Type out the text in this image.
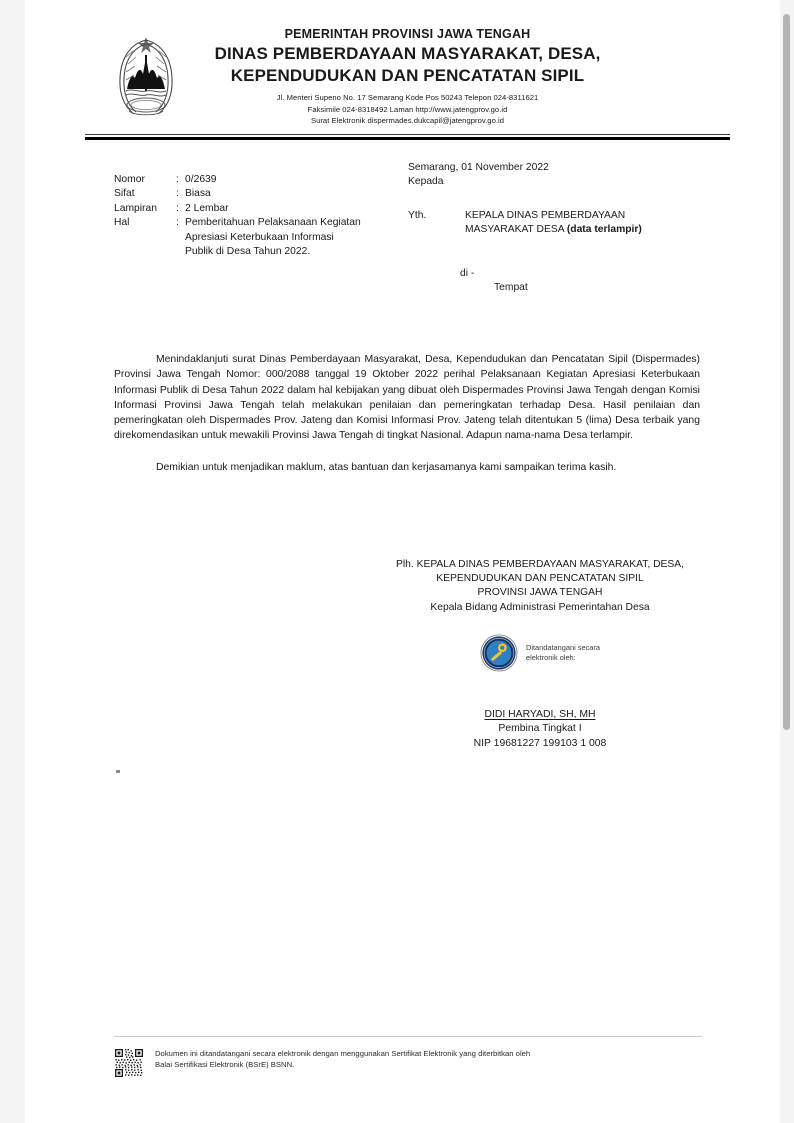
PEMERINTAH PROVINSI JAWA TENGAH
DINAS PEMBERDAYAAN MASYARAKAT, DESA,
KEPENDUDUKAN DAN PENCATATAN SIPIL
Jl. Menteri Supeno No. 17 Semarang Kode Pos 50243 Telepon 024-8311621
Faksimile 024-8318492 Laman http://www.jatengprov.go.id
Surat Elektronik dispermades.dukcapil@jatengprov.go.id
Nomor	: 0/2639
Sifat	: Biasa
Lampiran	: 2 Lembar
Hal	: Pemberitahuan Pelaksanaan Kegiatan
Apresiasi Keterbukaan Informasi
Publik di Desa Tahun 2022.
Semarang, 01 November 2022
Kepada
Yth.	KEPALA DINAS PEMBERDAYAAN
MASYARAKAT DESA (data terlampir)
di -
Tempat

Menindaklanjuti surat Dinas Pemberdayaan Masyarakat, Desa, Kependudukan dan Pencatatan Sipil (Dispermades) Provinsi Jawa Tengah Nomor: 000/2088 tanggal 19 Oktober 2022 perihal Pelaksanaan Kegiatan Apresiasi Keterbukaan Informasi Publik di Desa Tahun 2022 dalam hal kebijakan yang dibuat oleh Dispermades Provinsi Jawa Tengah dengan Komisi Informasi Provinsi Jawa Tengah telah melakukan penilaian dan pemeringkatan terhadap Desa. Hasil penilaian dan pemeringkatan oleh Dispermades Prov. Jateng dan Komisi Informasi Prov. Jateng telah ditentukan 5 (lima) Desa terbaik yang direkomendasikan untuk mewakili Provinsi Jawa Tengah di tingkat Nasional. Adapun nama-nama Desa terlampir.

Demikian untuk menjadikan maklum, atas bantuan dan kerjasamanya kami sampaikan terima kasih.

Plh. KEPALA DINAS PEMBERDAYAAN MASYARAKAT, DESA,
KEPENDUDUKAN DAN PENCATATAN SIPIL
PROVINSI JAWA TENGAH
Kepala Bidang Administrasi Pemerintahan Desa
Ditandatangani secara
elektronik oleh:
DIDI HARYADI, SH, MH
Pembina Tingkat I
NIP 19681227 199103 1 008
Dokumen ini ditandatangani secara elektronik dengan menggunakan Sertifikat Elektronik yang diterbitkan oleh
Balai Sertifikasi Elektronik (BSrE) BSNN.
